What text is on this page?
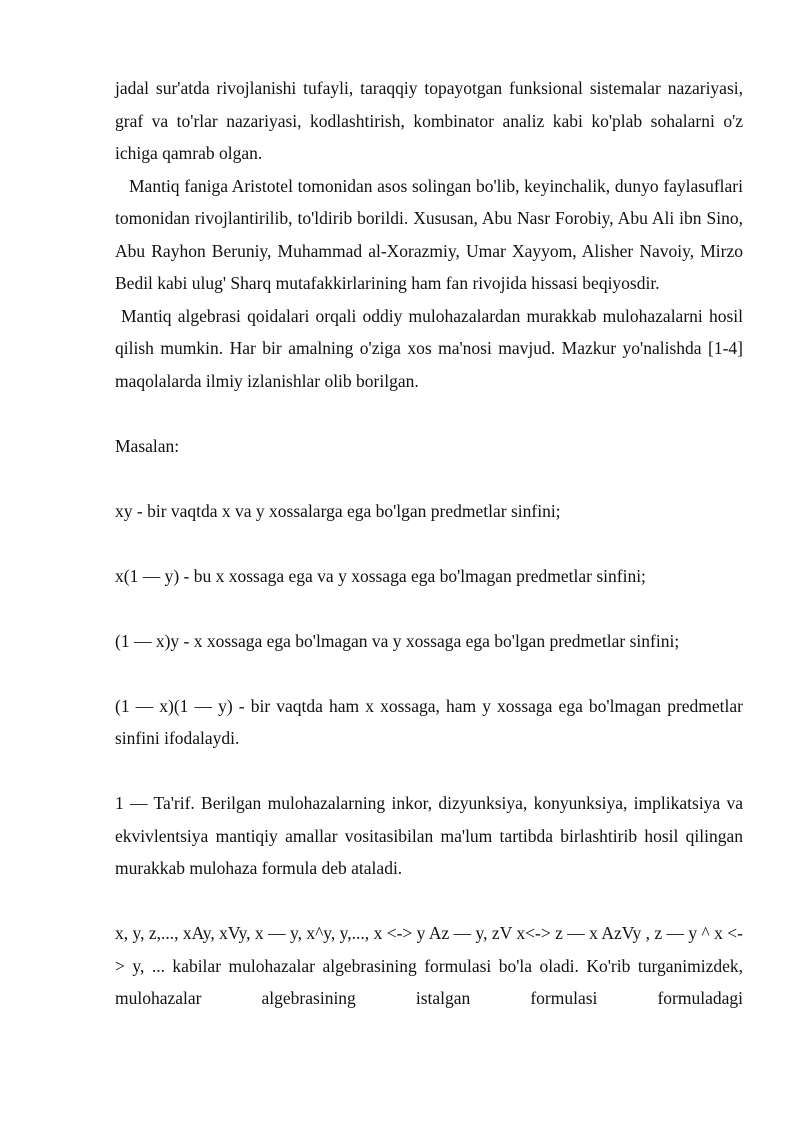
jadal sur'atda rivojlanishi tufayli, taraqqiy topayotgan funksional sistemalar nazariyasi, graf va to'rlar nazariyasi, kodlashtirish, kombinator analiz kabi ko'plab sohalarni o'z ichiga qamrab olgan.

Mantiq faniga Aristotel tomonidan asos solingan bo'lib, keyinchalik, dunyo faylasuflari tomonidan rivojlantirilib, to'ldirib borildi. Xususan, Abu Nasr Forobiy, Abu Ali ibn Sino, Abu Rayhon Beruniy, Muhammad al-Xorazmiy, Umar Xayyom, Alisher Navoiy, Mirzo Bedil kabi ulug' Sharq mutafakkirlarining ham fan rivojida hissasi beqiyosdir.

Mantiq algebrasi qoidalari orqali oddiy mulohazalardan murakkab mulohazalarni hosil qilish mumkin. Har bir amalning o'ziga xos ma'nosi mavjud. Mazkur yo'nalishda [1-4] maqolalarda ilmiy izlanishlar olib borilgan.

Masalan:

xy - bir vaqtda x va y xossalarga ega bo'lgan predmetlar sinfini;

x(1 — y) - bu x xossaga ega va y xossaga ega bo'lmagan predmetlar sinfini;

(1 — x)y - x xossaga ega bo'lmagan va y xossaga ega bo'lgan predmetlar sinfini;

(1 — x)(1 — y) - bir vaqtda ham x xossaga, ham y xossaga ega bo'lmagan predmetlar sinfini ifodalaydi.

1 — Ta'rif. Berilgan mulohazalarning inkor, dizyunksiya, konyunksiya, implikatsiya va ekvivlentsiya mantiqiy amallar vositasibilan ma'lum tartibda birlashtirib hosil qilingan murakkab mulohaza formula deb ataladi.

x, y, z,..., xAy, xVy, x — y, x^y, y,..., x <-> y Az — y, zV x<-> z — x AzVy , z — y ^ x <-> y, ... kabilar mulohazalar algebrasining formulasi bo'la oladi. Ko'rib turganimizdek, mulohazalar algebrasining istalgan formulasi formuladagi
